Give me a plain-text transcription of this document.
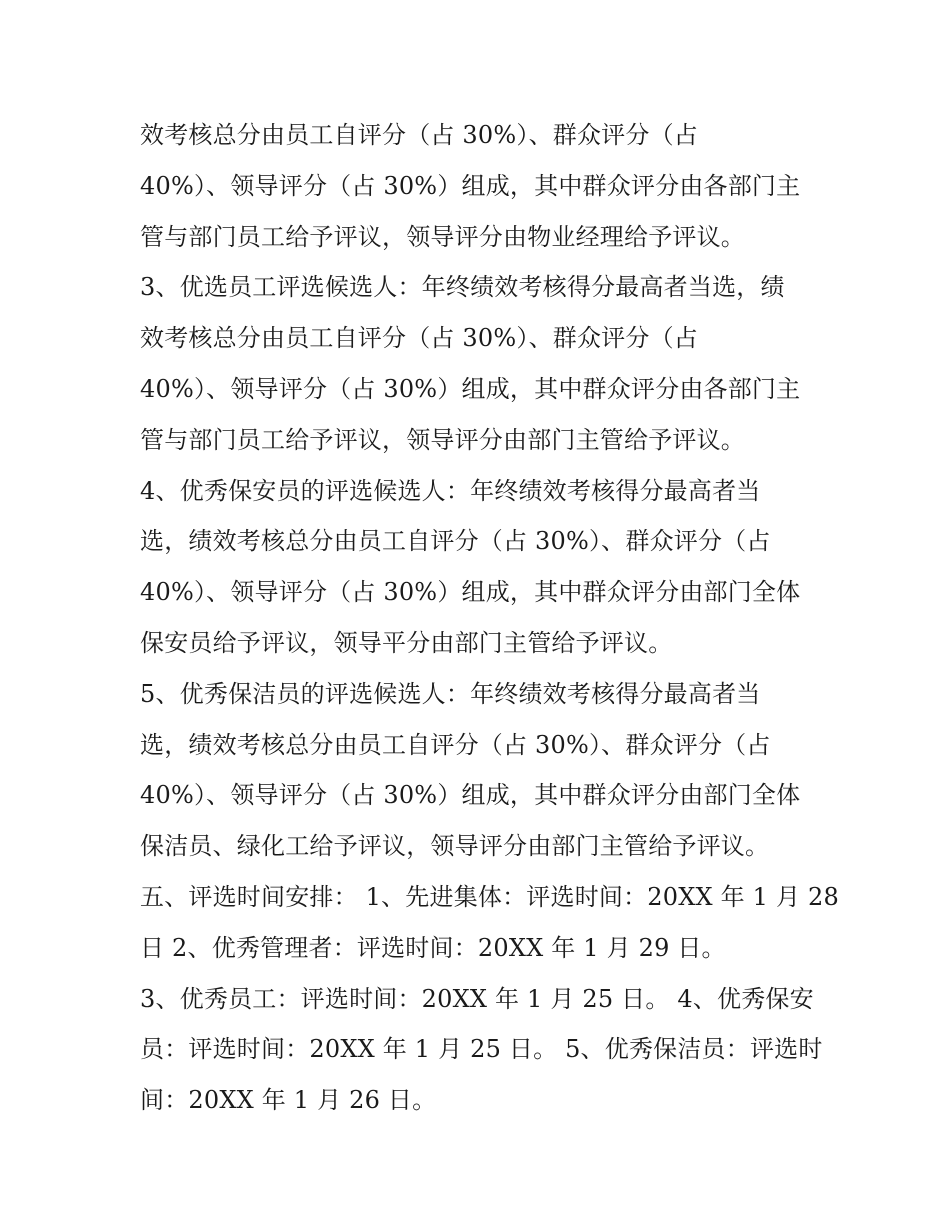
效考核总分由员工自评分（占 30%）、群众评分（占
40%）、领导评分（占 30%）组成，其中群众评分由各部门主
管与部门员工给予评议，领导评分由物业经理给予评议。
3、优选员工评选候选人：年终绩效考核得分最高者当选，绩
效考核总分由员工自评分（占 30%）、群众评分（占
40%）、领导评分（占 30%）组成，其中群众评分由各部门主
管与部门员工给予评议，领导评分由部门主管给予评议。
4、优秀保安员的评选候选人：年终绩效考核得分最高者当
选，绩效考核总分由员工自评分（占 30%）、群众评分（占
40%）、领导评分（占 30%）组成，其中群众评分由部门全体
保安员给予评议，领导平分由部门主管给予评议。
5、优秀保洁员的评选候选人：年终绩效考核得分最高者当
选，绩效考核总分由员工自评分（占 30%）、群众评分（占
40%）、领导评分（占 30%）组成，其中群众评分由部门全体
保洁员、绿化工给予评议，领导评分由部门主管给予评议。
五、评选时间安排： 1、先进集体：评选时间：20XX 年 1 月 28
日 2、优秀管理者：评选时间：20XX 年 1 月 29 日。
3、优秀员工：评选时间：20XX 年 1 月 25 日。 4、优秀保安
员：评选时间：20XX 年 1 月 25 日。 5、优秀保洁员：评选时
间：20XX 年 1 月 26 日。
